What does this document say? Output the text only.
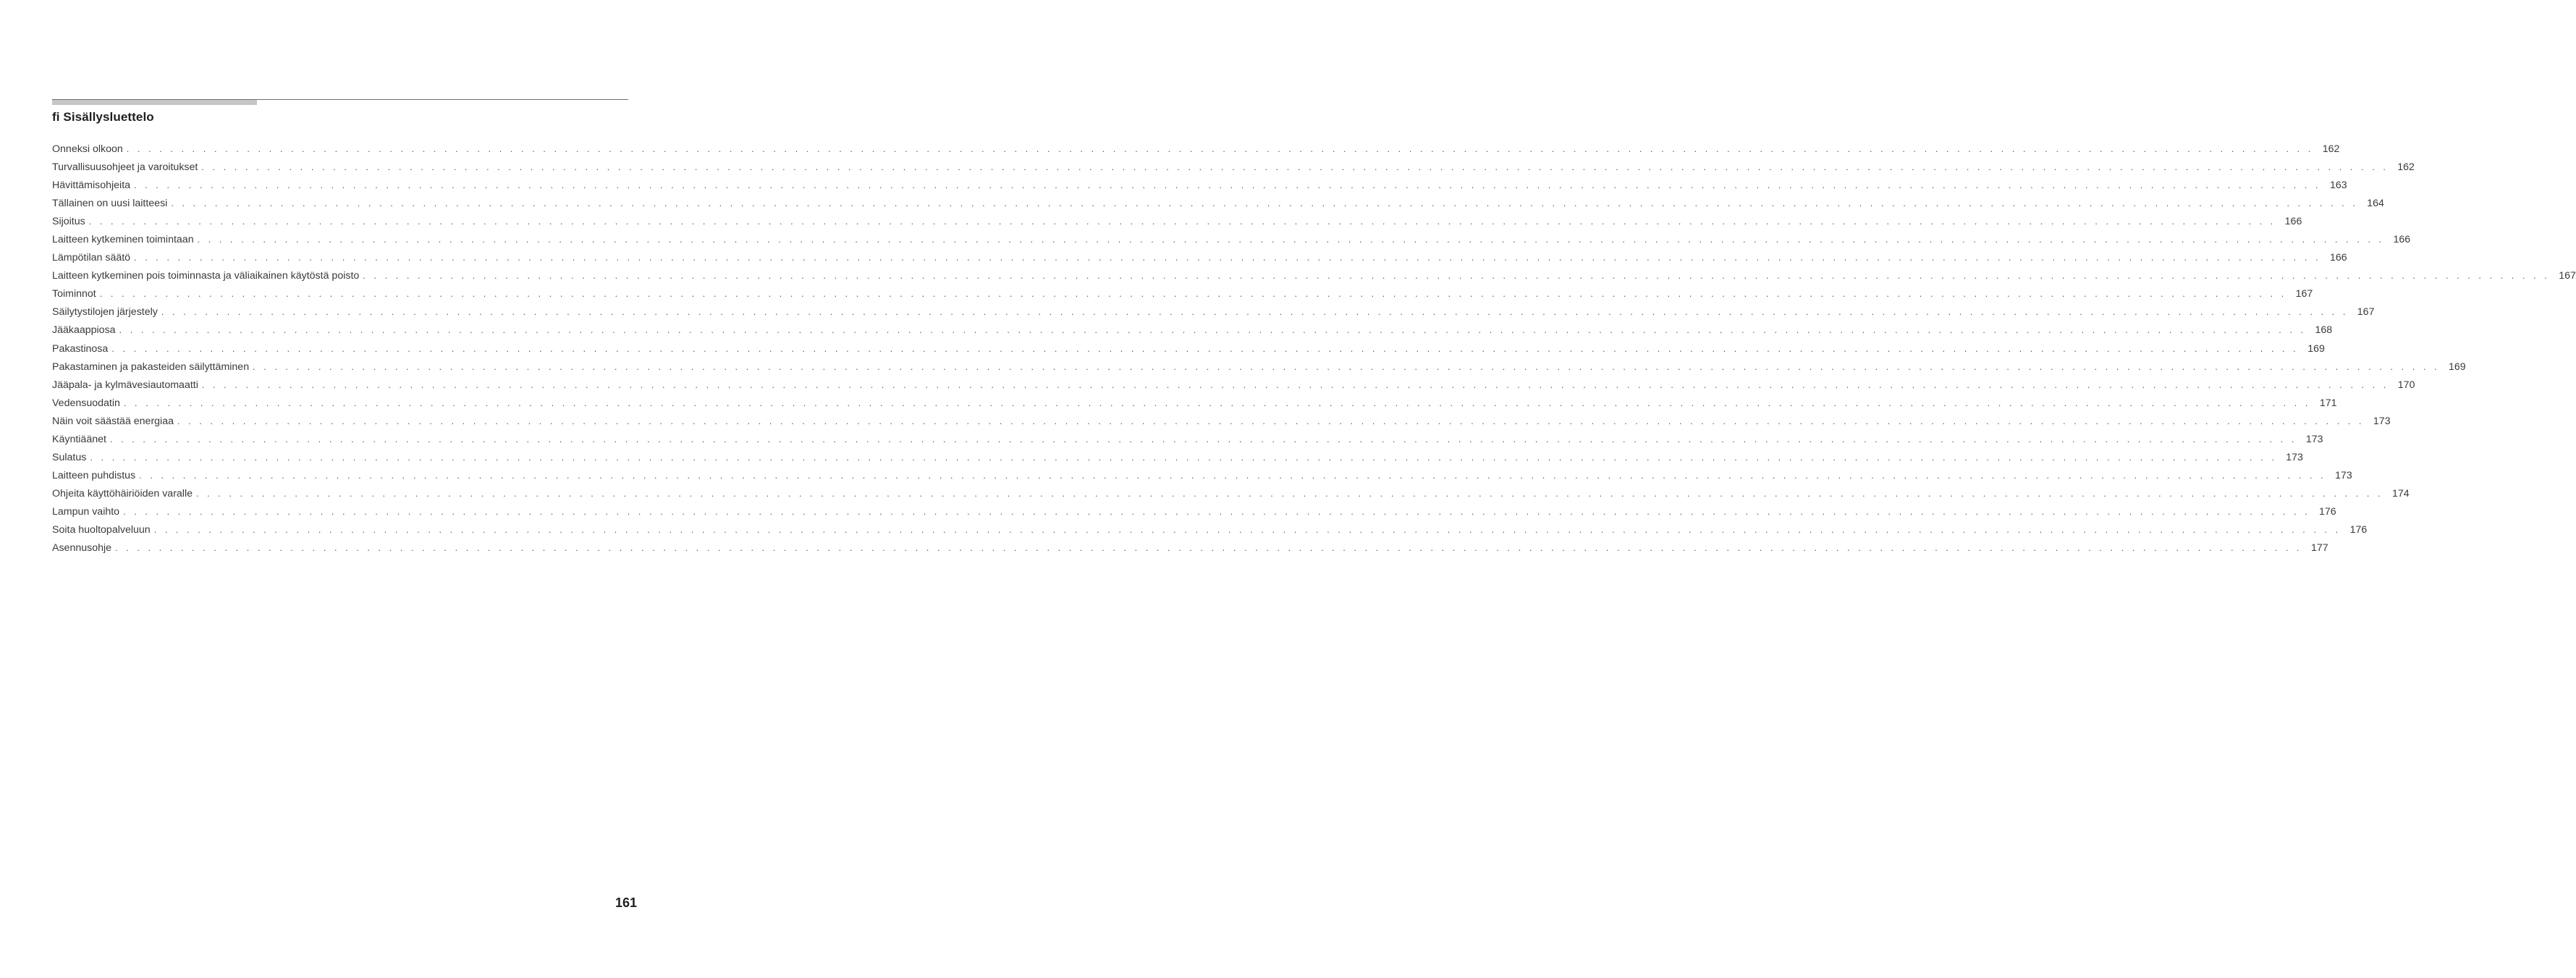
fi Sisällysluettelo
Onneksi olkoon . . . . . . . . . . . . . . . . . . . . . . . . . . . . . . . . . . . . . . . . . . . . . . . . . . . . . . . . . . . . . . . . . . . . . . . . . . . . . . . . . . . . . . . . . . . . . . . . . . . . . . . . . . . . . . . . . . . . . . . . . . . . . . . . . . . . . . . . . . . . . . . . . . . . . . . . . . . . . . . . . . . . . . . . . . . . . . . . . . . . . . . . . . . . . . . . . . . . . . . . 162
Turvallisuusohjeet ja varoitukset . . . . . . . . . . . . . . . . . . . . . . . . . . . . . . . . . . . . . . . . . . . . . . . . . . . . . . . . . . . . . . . . . . . . . . . . . . . . . . . . . . . . . . . . . . . . . . . . . . . . . . . . . . . . . . . . . . . . . . . . . . . . . . . . . . . . . . . . . . . . . . . . . . . . . . . . . . . . . . . . . . . . . . . . . . . . . . . . . . . . . . . . . . . . . . . . . . . . . . . . 162
Hävittämisohjeita . . . . . . . . . . . . . . . . . . . . . . . . . . . . . . . . . . . . . . . . . . . . . . . . . . . . . . . . . . . . . . . . . . . . . . . . . . . . . . . . . . . . . . . . . . . . . . . . . . . . . . . . . . . . . . . . . . . . . . . . . . . . . . . . . . . . . . . . . . . . . . . . . . . . . . . . . . . . . . . . . . . . . . . . . . . . . . . . . . . . . . . . . . . . . . . . . . . . . . . . 163
Tällainen on uusi laitteesi . . . . . . . . . . . . . . . . . . . . . . . . . . . . . . . . . . . . . . . . . . . . . . . . . . . . . . . . . . . . . . . . . . . . . . . . . . . . . . . . . . . . . . . . . . . . . . . . . . . . . . . . . . . . . . . . . . . . . . . . . . . . . . . . . . . . . . . . . . . . . . . . . . . . . . . . . . . . . . . . . . . . . . . . . . . . . . . . . . . . . . . . . . . . . . . . . . . . . . . . 164
Sijoitus . . . . . . . . . . . . . . . . . . . . . . . . . . . . . . . . . . . . . . . . . . . . . . . . . . . . . . . . . . . . . . . . . . . . . . . . . . . . . . . . . . . . . . . . . . . . . . . . . . . . . . . . . . . . . . . . . . . . . . . . . . . . . . . . . . . . . . . . . . . . . . . . . . . . . . . . . . . . . . . . . . . . . . . . . . . . . . . . . . . . . . . . . . . . . . . . . . . . . . . . 166
Laitteen kytkeminen toimintaan . . . . . . . . . . . . . . . . . . . . . . . . . . . . . . . . . . . . . . . . . . . . . . . . . . . . . . . . . . . . . . . . . . . . . . . . . . . . . . . . . . . . . . . . . . . . . . . . . . . . . . . . . . . . . . . . . . . . . . . . . . . . . . . . . . . . . . . . . . . . . . . . . . . . . . . . . . . . . . . . . . . . . . . . . . . . . . . . . . . . . . . . . . . . . . . . . . . . . . . . 166
Lämpötilan säätö . . . . . . . . . . . . . . . . . . . . . . . . . . . . . . . . . . . . . . . . . . . . . . . . . . . . . . . . . . . . . . . . . . . . . . . . . . . . . . . . . . . . . . . . . . . . . . . . . . . . . . . . . . . . . . . . . . . . . . . . . . . . . . . . . . . . . . . . . . . . . . . . . . . . . . . . . . . . . . . . . . . . . . . . . . . . . . . . . . . . . . . . . . . . . . . . . . . . . . . . 166
Laitteen kytkeminen pois toiminnasta ja väliaikainen käytöstä poisto . . . . . . . . . . . . . . . . . . . . . . . . . . . . . . . . . . . . . . . . . . . . . . . . . . . . . . . . . . . . . . . . . . . . . . . . . . . . . . . . . . . . . . . . . . . . . . . . . . . . . . . . . . . . . . . . . . . . . . . . . . . . . . . . . . . . . . . . . . . . . . . . . . . . . . . . . . . . . . . . . . . . . . . . . . . . . . . . . . . . . . . . . . . . . . . . . . . . . . . . 167
Toiminnot . . . . . . . . . . . . . . . . . . . . . . . . . . . . . . . . . . . . . . . . . . . . . . . . . . . . . . . . . . . . . . . . . . . . . . . . . . . . . . . . . . . . . . . . . . . . . . . . . . . . . . . . . . . . . . . . . . . . . . . . . . . . . . . . . . . . . . . . . . . . . . . . . . . . . . . . . . . . . . . . . . . . . . . . . . . . . . . . . . . . . . . . . . . . . . . . . . . . . . . . 167
Säilytystilojen järjestely . . . . . . . . . . . . . . . . . . . . . . . . . . . . . . . . . . . . . . . . . . . . . . . . . . . . . . . . . . . . . . . . . . . . . . . . . . . . . . . . . . . . . . . . . . . . . . . . . . . . . . . . . . . . . . . . . . . . . . . . . . . . . . . . . . . . . . . . . . . . . . . . . . . . . . . . . . . . . . . . . . . . . . . . . . . . . . . . . . . . . . . . . . . . . . . . . . . . . . . . 167
Jääkaappiosa . . . . . . . . . . . . . . . . . . . . . . . . . . . . . . . . . . . . . . . . . . . . . . . . . . . . . . . . . . . . . . . . . . . . . . . . . . . . . . . . . . . . . . . . . . . . . . . . . . . . . . . . . . . . . . . . . . . . . . . . . . . . . . . . . . . . . . . . . . . . . . . . . . . . . . . . . . . . . . . . . . . . . . . . . . . . . . . . . . . . . . . . . . . . . . . . . . . . . . . . 168
Pakastinosa . . . . . . . . . . . . . . . . . . . . . . . . . . . . . . . . . . . . . . . . . . . . . . . . . . . . . . . . . . . . . . . . . . . . . . . . . . . . . . . . . . . . . . . . . . . . . . . . . . . . . . . . . . . . . . . . . . . . . . . . . . . . . . . . . . . . . . . . . . . . . . . . . . . . . . . . . . . . . . . . . . . . . . . . . . . . . . . . . . . . . . . . . . . . . . . . . . . . . . . . 169
Pakastaminen ja pakasteiden säilyttäminen . . . . . . . . . . . . . . . . . . . . . . . . . . . . . . . . . . . . . . . . . . . . . . . . . . . . . . . . . . . . . . . . . . . . . . . . . . . . . . . . . . . . . . . . . . . . . . . . . . . . . . . . . . . . . . . . . . . . . . . . . . . . . . . . . . . . . . . . . . . . . . . . . . . . . . . . . . . . . . . . . . . . . . . . . . . . . . . . . . . . . . . . . . . . . . . . . . . . . . . . 169
Jääpala- ja kylmävesiautomaatti . . . . . . . . . . . . . . . . . . . . . . . . . . . . . . . . . . . . . . . . . . . . . . . . . . . . . . . . . . . . . . . . . . . . . . . . . . . . . . . . . . . . . . . . . . . . . . . . . . . . . . . . . . . . . . . . . . . . . . . . . . . . . . . . . . . . . . . . . . . . . . . . . . . . . . . . . . . . . . . . . . . . . . . . . . . . . . . . . . . . . . . . . . . . . . . . . . . . . . . . 170
Vedensuodatin . . . . . . . . . . . . . . . . . . . . . . . . . . . . . . . . . . . . . . . . . . . . . . . . . . . . . . . . . . . . . . . . . . . . . . . . . . . . . . . . . . . . . . . . . . . . . . . . . . . . . . . . . . . . . . . . . . . . . . . . . . . . . . . . . . . . . . . . . . . . . . . . . . . . . . . . . . . . . . . . . . . . . . . . . . . . . . . . . . . . . . . . . . . . . . . . . . . . . . . . 171
Näin voit säästää energiaa . . . . . . . . . . . . . . . . . . . . . . . . . . . . . . . . . . . . . . . . . . . . . . . . . . . . . . . . . . . . . . . . . . . . . . . . . . . . . . . . . . . . . . . . . . . . . . . . . . . . . . . . . . . . . . . . . . . . . . . . . . . . . . . . . . . . . . . . . . . . . . . . . . . . . . . . . . . . . . . . . . . . . . . . . . . . . . . . . . . . . . . . . . . . . . . . . . . . . . . . 173
Käyntiäänet . . . . . . . . . . . . . . . . . . . . . . . . . . . . . . . . . . . . . . . . . . . . . . . . . . . . . . . . . . . . . . . . . . . . . . . . . . . . . . . . . . . . . . . . . . . . . . . . . . . . . . . . . . . . . . . . . . . . . . . . . . . . . . . . . . . . . . . . . . . . . . . . . . . . . . . . . . . . . . . . . . . . . . . . . . . . . . . . . . . . . . . . . . . . . . . . . . . . . . . . 173
Sulatus . . . . . . . . . . . . . . . . . . . . . . . . . . . . . . . . . . . . . . . . . . . . . . . . . . . . . . . . . . . . . . . . . . . . . . . . . . . . . . . . . . . . . . . . . . . . . . . . . . . . . . . . . . . . . . . . . . . . . . . . . . . . . . . . . . . . . . . . . . . . . . . . . . . . . . . . . . . . . . . . . . . . . . . . . . . . . . . . . . . . . . . . . . . . . . . . . . . . . . . . 173
Laitteen puhdistus . . . . . . . . . . . . . . . . . . . . . . . . . . . . . . . . . . . . . . . . . . . . . . . . . . . . . . . . . . . . . . . . . . . . . . . . . . . . . . . . . . . . . . . . . . . . . . . . . . . . . . . . . . . . . . . . . . . . . . . . . . . . . . . . . . . . . . . . . . . . . . . . . . . . . . . . . . . . . . . . . . . . . . . . . . . . . . . . . . . . . . . . . . . . . . . . . . . . . . . . 173
Ohjeita käyttöhäiriöiden varalle . . . . . . . . . . . . . . . . . . . . . . . . . . . . . . . . . . . . . . . . . . . . . . . . . . . . . . . . . . . . . . . . . . . . . . . . . . . . . . . . . . . . . . . . . . . . . . . . . . . . . . . . . . . . . . . . . . . . . . . . . . . . . . . . . . . . . . . . . . . . . . . . . . . . . . . . . . . . . . . . . . . . . . . . . . . . . . . . . . . . . . . . . . . . . . . . . . . . . . . . 174
Lampun vaihto . . . . . . . . . . . . . . . . . . . . . . . . . . . . . . . . . . . . . . . . . . . . . . . . . . . . . . . . . . . . . . . . . . . . . . . . . . . . . . . . . . . . . . . . . . . . . . . . . . . . . . . . . . . . . . . . . . . . . . . . . . . . . . . . . . . . . . . . . . . . . . . . . . . . . . . . . . . . . . . . . . . . . . . . . . . . . . . . . . . . . . . . . . . . . . . . . . . . . . . . 176
Soita huoltopalveluun . . . . . . . . . . . . . . . . . . . . . . . . . . . . . . . . . . . . . . . . . . . . . . . . . . . . . . . . . . . . . . . . . . . . . . . . . . . . . . . . . . . . . . . . . . . . . . . . . . . . . . . . . . . . . . . . . . . . . . . . . . . . . . . . . . . . . . . . . . . . . . . . . . . . . . . . . . . . . . . . . . . . . . . . . . . . . . . . . . . . . . . . . . . . . . . . . . . . . . . . 176
Asennusohje . . . . . . . . . . . . . . . . . . . . . . . . . . . . . . . . . . . . . . . . . . . . . . . . . . . . . . . . . . . . . . . . . . . . . . . . . . . . . . . . . . . . . . . . . . . . . . . . . . . . . . . . . . . . . . . . . . . . . . . . . . . . . . . . . . . . . . . . . . . . . . . . . . . . . . . . . . . . . . . . . . . . . . . . . . . . . . . . . . . . . . . . . . . . . . . . . . . . . . . . 177
161
